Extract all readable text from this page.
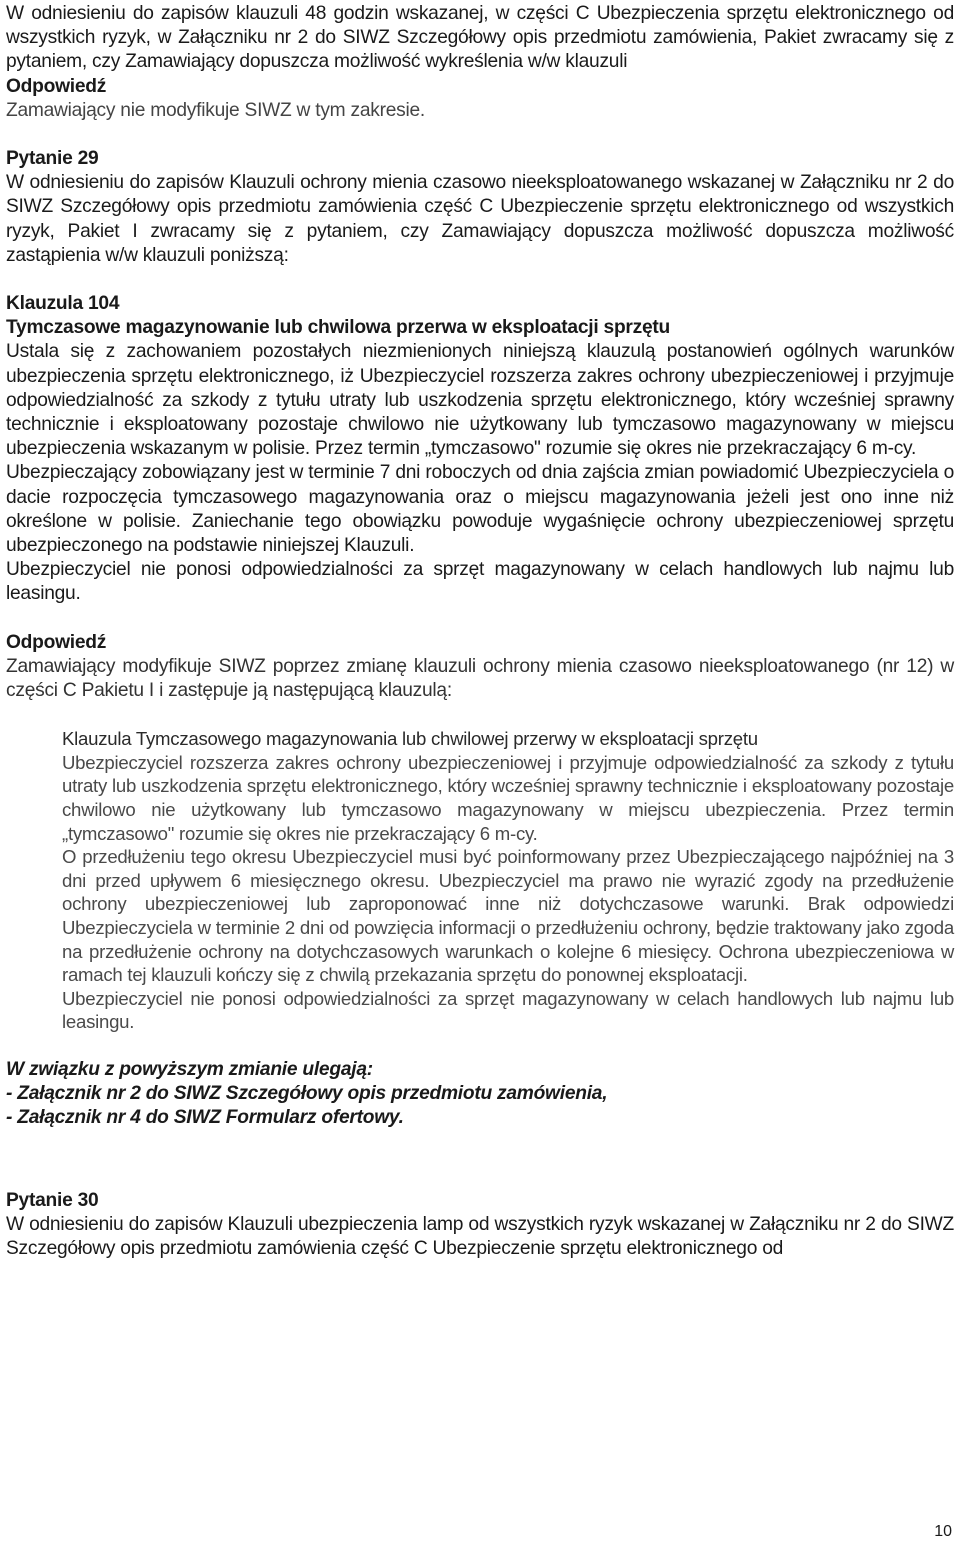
W odniesieniu do zapisów klauzuli 48 godzin wskazanej, w części C Ubezpieczenia sprzętu elektronicznego od wszystkich ryzyk, w Załączniku nr 2 do SIWZ Szczegółowy opis przedmiotu zamówienia, Pakiet zwracamy się z pytaniem, czy Zamawiający dopuszcza możliwość wykreślenia w/w klauzuli

Odpowiedź

Zamawiający nie modyfikuje SIWZ w tym zakresie.

Pytanie 29

W odniesieniu do zapisów Klauzuli ochrony mienia czasowo nieeksploatowanego wskazanej w Załączniku nr 2 do SIWZ Szczegółowy opis przedmiotu zamówienia część C Ubezpieczenie sprzętu elektronicznego od wszystkich ryzyk, Pakiet I zwracamy się z pytaniem, czy Zamawiający dopuszcza możliwość dopuszcza możliwość zastąpienia w/w klauzuli poniższą:

Klauzula 104

Tymczasowe magazynowanie lub chwilowa przerwa w eksploatacji sprzętu

Ustala się z zachowaniem pozostałych niezmienionych niniejszą klauzulą postanowień ogólnych warunków ubezpieczenia sprzętu elektronicznego, iż Ubezpieczyciel rozszerza zakres ochrony ubezpieczeniowej i przyjmuje odpowiedzialność za szkody z tytułu utraty lub uszkodzenia sprzętu elektronicznego, który wcześniej sprawny technicznie i eksploatowany pozostaje chwilowo nie użytkowany lub tymczasowo magazynowany w miejscu ubezpieczenia wskazanym w polisie. Przez termin „tymczasowo" rozumie się okres nie przekraczający 6 m-cy.

Ubezpieczający zobowiązany jest w terminie 7 dni roboczych od dnia zajścia zmian powiadomić Ubezpieczyciela o dacie rozpoczęcia tymczasowego magazynowania oraz o miejscu magazynowania jeżeli jest ono inne niż określone w polisie. Zaniechanie tego obowiązku powoduje wygaśnięcie ochrony ubezpieczeniowej sprzętu ubezpieczonego na podstawie niniejszej Klauzuli.

Ubezpieczyciel nie ponosi odpowiedzialności za sprzęt magazynowany w celach handlowych lub najmu lub leasingu.

Odpowiedź

Zamawiający modyfikuje SIWZ poprzez zmianę klauzuli ochrony mienia czasowo nieeksploatowanego (nr 12) w części C Pakietu I i zastępuje ją następującą klauzulą:

Klauzula Tymczasowego magazynowania lub chwilowej przerwy w eksploatacji sprzętu

Ubezpieczyciel rozszerza zakres ochrony ubezpieczeniowej i przyjmuje odpowiedzialność za szkody z tytułu utraty lub uszkodzenia sprzętu elektronicznego, który wcześniej sprawny technicznie i eksploatowany pozostaje chwilowo nie użytkowany lub tymczasowo magazynowany w miejscu ubezpieczenia. Przez termin „tymczasowo" rozumie się okres nie przekraczający 6 m-cy.

O przedłużeniu tego okresu Ubezpieczyciel musi być poinformowany przez Ubezpieczającego najpóźniej na 3 dni przed upływem 6 miesięcznego okresu. Ubezpieczyciel ma prawo nie wyrazić zgody na przedłużenie ochrony ubezpieczeniowej lub zaproponować inne niż dotychczasowe warunki. Brak odpowiedzi Ubezpieczyciela w terminie 2 dni od powzięcia informacji o przedłużeniu ochrony, będzie traktowany jako zgoda na przedłużenie ochrony na dotychczasowych warunkach o kolejne 6 miesięcy. Ochrona ubezpieczeniowa w ramach tej klauzuli kończy się z chwilą przekazania sprzętu do ponownej eksploatacji.

Ubezpieczyciel nie ponosi odpowiedzialności za sprzęt magazynowany w celach handlowych lub najmu lub leasingu.

W związku z powyższym zmianie ulegają:

- Załącznik nr 2 do SIWZ Szczegółowy opis przedmiotu zamówienia,

- Załącznik nr 4 do SIWZ Formularz ofertowy.

Pytanie 30

W odniesieniu do zapisów Klauzuli ubezpieczenia lamp od wszystkich ryzyk wskazanej w Załączniku nr 2 do SIWZ Szczegółowy opis przedmiotu zamówienia część C Ubezpieczenie sprzętu elektronicznego od

10
